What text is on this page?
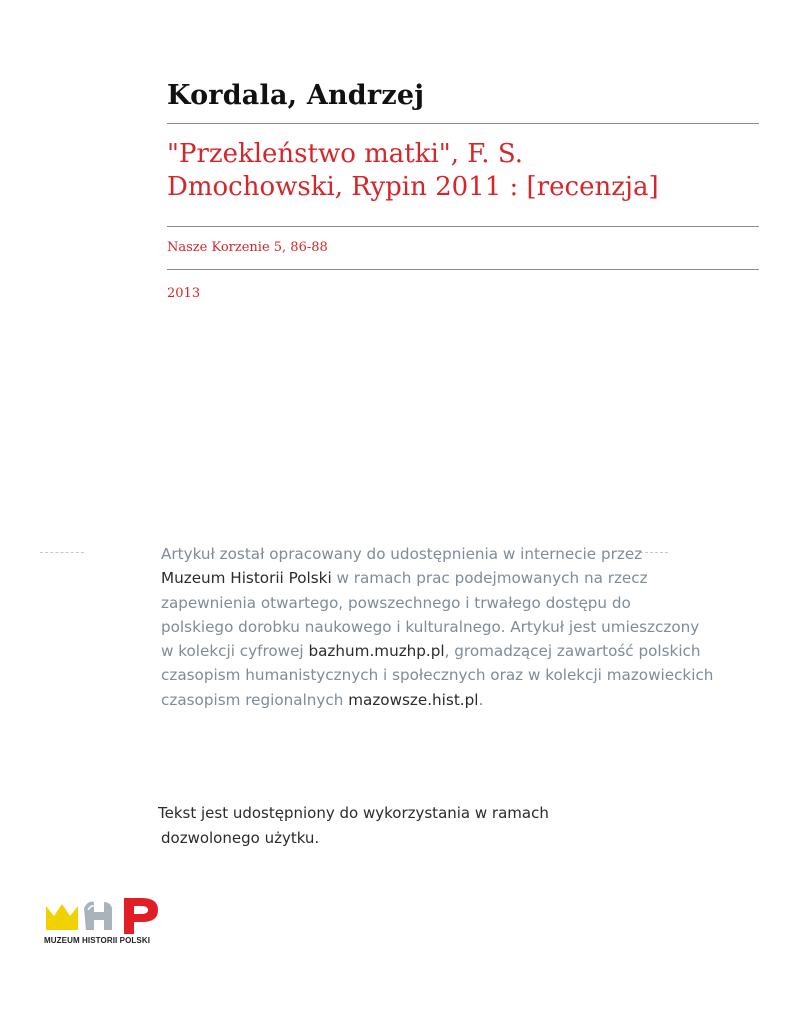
Kordala, Andrzej
"Przekleństwo matki", F. S.
Dmochowski, Rypin 2011 : [recenzja]
Nasze Korzenie 5, 86-88
2013
Artykuł został opracowany do udostępnienia w internecie przez
Muzeum Historii Polski w ramach prac podejmowanych na rzecz
zapewnienia otwartego, powszechnego i trwałego dostępu do
polskiego dorobku naukowego i kulturalnego. Artykuł jest umieszczony
w kolekcji cyfrowej bazhum.muzhp.pl, gromadzącej zawartość polskich
czasopism humanistycznych i społecznych oraz w kolekcji mazowieckich
czasopism regionalnych mazowsze.hist.pl.
Tekst jest udostępniony do wykorzystania w ramach
dozwolonego użytku.
MUZEUM HISTORII POLSKI
